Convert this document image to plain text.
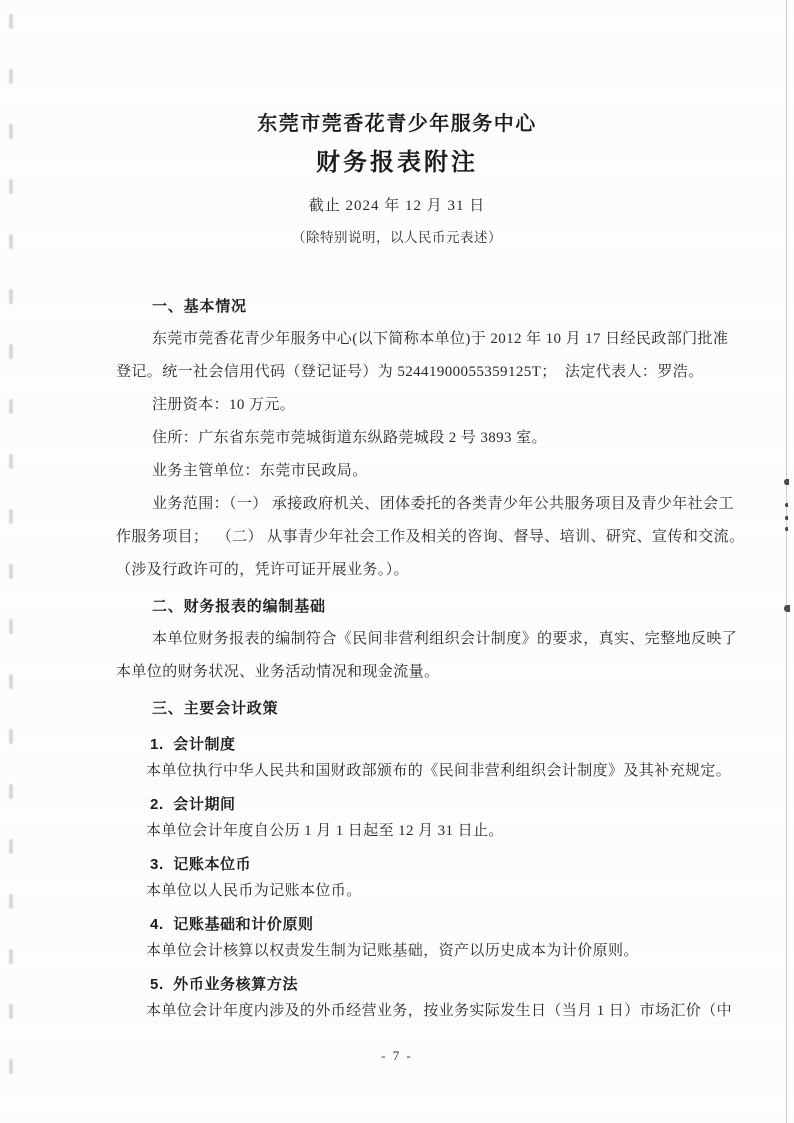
东莞市莞香花青少年服务中心
财务报表附注
截止 2024 年 12 月 31 日
（除特别说明，以人民币元表述）
一、基本情况
东莞市莞香花青少年服务中心(以下简称本单位)于 2012 年 10 月 17 日经民政部门批准
登记。统一社会信用代码（登记证号）为 52441900055359125T；  法定代表人：罗浩。
注册资本：10 万元。
住所：广东省东莞市莞城街道东纵路莞城段 2 号 3893 室。
业务主管单位：东莞市民政局。
业务范围：（一） 承接政府机关、团体委托的各类青少年公共服务项目及青少年社会工
作服务项目；  （二） 从事青少年社会工作及相关的咨询、督导、培训、研究、宣传和交流。
（涉及行政许可的，凭许可证开展业务。）。
二、财务报表的编制基础
本单位财务报表的编制符合《民间非营利组织会计制度》的要求，真实、完整地反映了
本单位的财务状况、业务活动情况和现金流量。
三、主要会计政策
1.  会计制度
本单位执行中华人民共和国财政部颁布的《民间非营利组织会计制度》及其补充规定。
2.  会计期间
本单位会计年度自公历 1 月 1 日起至 12 月 31 日止。
3.  记账本位币
本单位以人民币为记账本位币。
4.  记账基础和计价原则
本单位会计核算以权责发生制为记账基础，资产以历史成本为计价原则。
5.  外币业务核算方法
本单位会计年度内涉及的外币经营业务，按业务实际发生日（当月 1 日）市场汇价（中
- 7 -
